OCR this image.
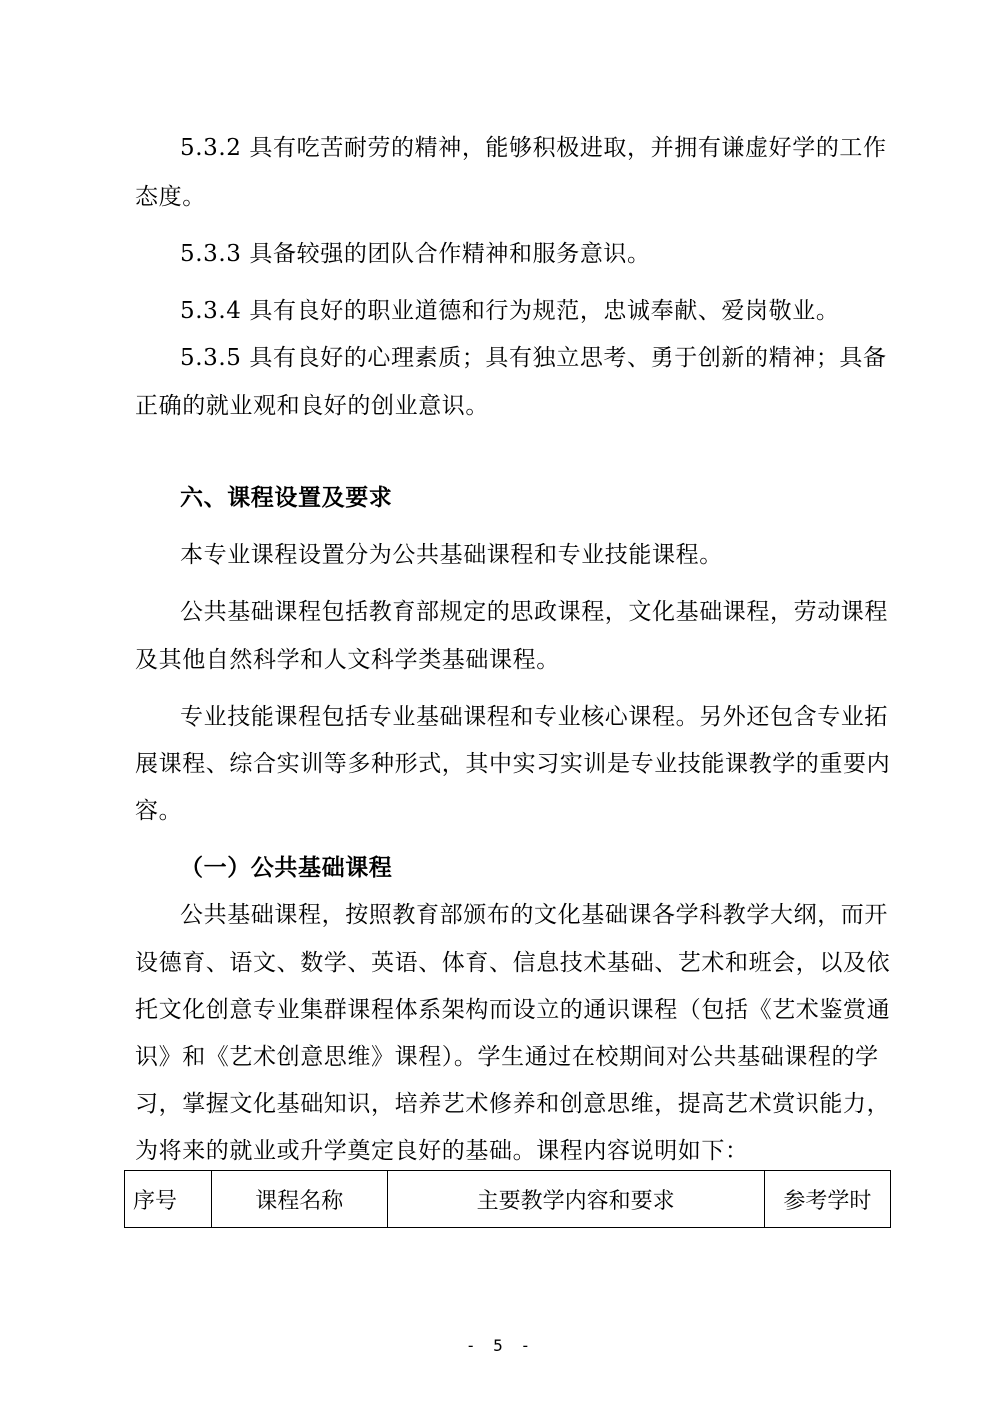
5.3.2 具有吃苦耐劳的精神，能够积极进取，并拥有谦虚好学的工作
态度。
5.3.3 具备较强的团队合作精神和服务意识。
5.3.4 具有良好的职业道德和行为规范，忠诚奉献、爱岗敬业。
5.3.5 具有良好的心理素质；具有独立思考、勇于创新的精神；具备
正确的就业观和良好的创业意识。
六、课程设置及要求
本专业课程设置分为公共基础课程和专业技能课程。
公共基础课程包括教育部规定的思政课程，文化基础课程，劳动课程
及其他自然科学和人文科学类基础课程。
专业技能课程包括专业基础课程和专业核心课程。另外还包含专业拓
展课程、综合实训等多种形式，其中实习实训是专业技能课教学的重要内
容。
（一）公共基础课程
公共基础课程，按照教育部颁布的文化基础课各学科教学大纲，而开
设德育、语文、数学、英语、体育、信息技术基础、艺术和班会，以及依
托文化创意专业集群课程体系架构而设立的通识课程（包括《艺术鉴赏通
识》和《艺术创意思维》课程）。学生通过在校期间对公共基础课程的学
习，掌握文化基础知识，培养艺术修养和创意思维，提高艺术赏识能力，
为将来的就业或升学奠定良好的基础。课程内容说明如下：
序号	课程名称	主要教学内容和要求	参考学时
- 5 -
